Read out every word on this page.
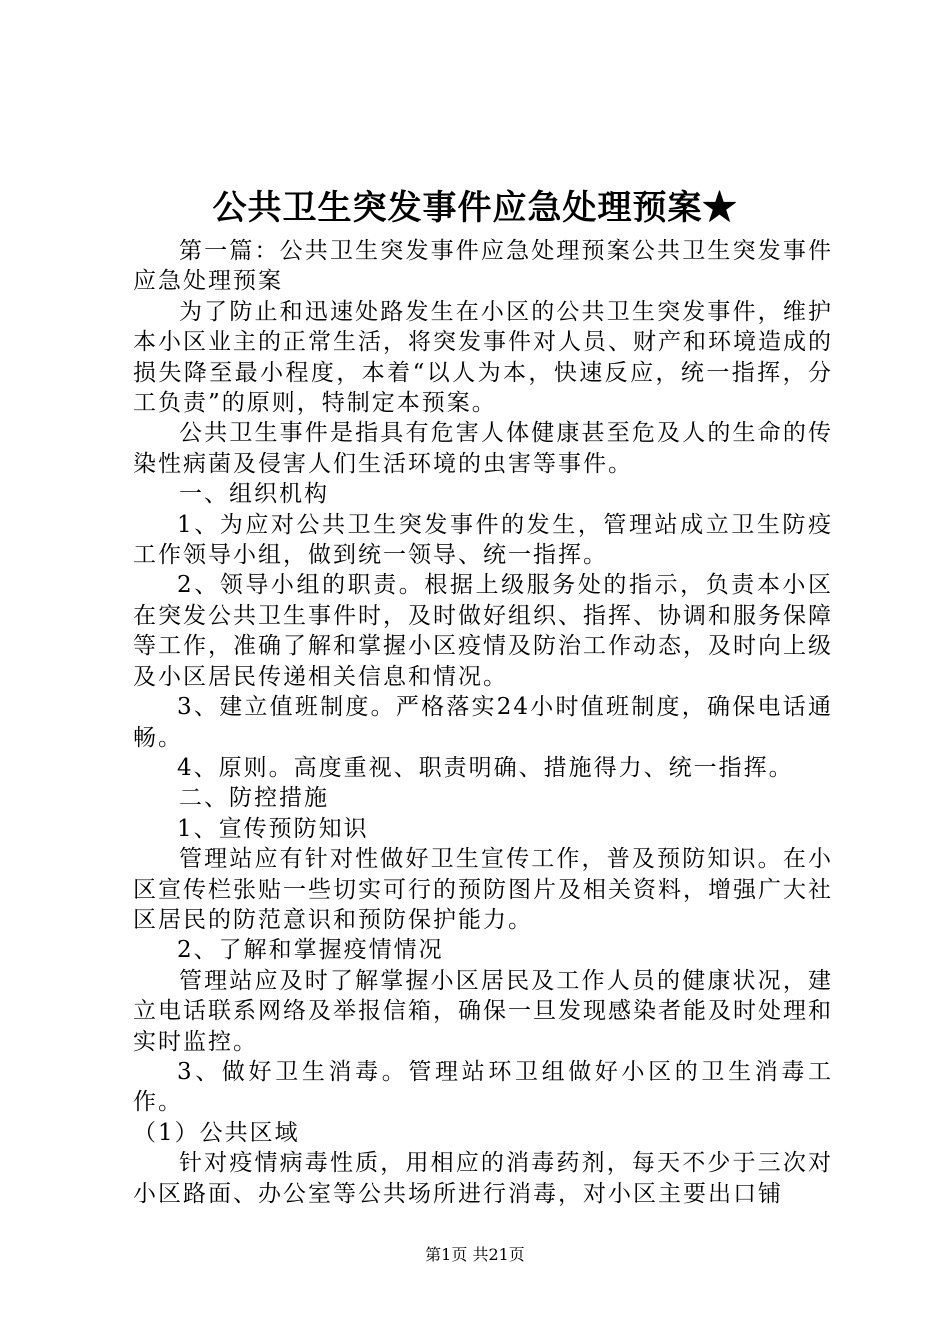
公共卫生突发事件应急处理预案★

第一篇：公共卫生突发事件应急处理预案公共卫生突发事件应急处理预案

为了防止和迅速处路发生在小区的公共卫生突发事件，维护本小区业主的正常生活，将突发事件对人员、财产和环境造成的损失降至最小程度，本着“以人为本，快速反应，统一指挥，分工负责”的原则，特制定本预案。

公共卫生事件是指具有危害人体健康甚至危及人的生命的传染性病菌及侵害人们生活环境的虫害等事件。

一、组织机构

1、为应对公共卫生突发事件的发生，管理站成立卫生防疫工作领导小组，做到统一领导、统一指挥。

2、领导小组的职责。根据上级服务处的指示，负责本小区在突发公共卫生事件时，及时做好组织、指挥、协调和服务保障等工作，准确了解和掌握小区疫情及防治工作动态，及时向上级及小区居民传递相关信息和情况。

3、建立值班制度。严格落实24小时值班制度，确保电话通畅。

4、原则。高度重视、职责明确、措施得力、统一指挥。

二、防控措施

1、宣传预防知识

管理站应有针对性做好卫生宣传工作，普及预防知识。在小区宣传栏张贴一些切实可行的预防图片及相关资料，增强广大社区居民的防范意识和预防保护能力。

2、了解和掌握疫情情况

管理站应及时了解掌握小区居民及工作人员的健康状况，建立电话联系网络及举报信箱，确保一旦发现感染者能及时处理和实时监控。

3、做好卫生消毒。管理站环卫组做好小区的卫生消毒工作。

（1）公共区域

针对疫情病毒性质，用相应的消毒药剂，每天不少于三次对小区路面、办公室等公共场所进行消毒，对小区主要出口铺

第1页 共21页
